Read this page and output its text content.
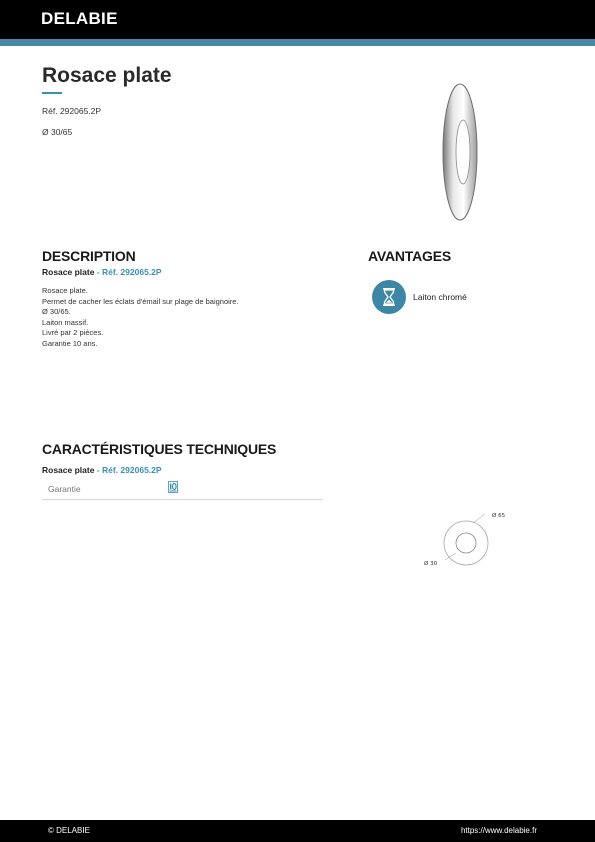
DELABIE
Rosace plate
Réf. 292065.2P
Ø 30/65
DESCRIPTION
Rosace plate - Réf. 292065.2P
Rosace plate.
Permet de cacher les éclats d'émail sur plage de baignoire.
Ø 30/65.
Laiton massif.
Livré par 2 pièces.
Garantie 10 ans.
AVANTAGES
Laiton chromé
CARACTÉRISTIQUES TECHNIQUES
Rosace plate - Réf. 292065.2P
Garantie
Ø 65
Ø 30
© DELABIE	https://www.delabie.fr
